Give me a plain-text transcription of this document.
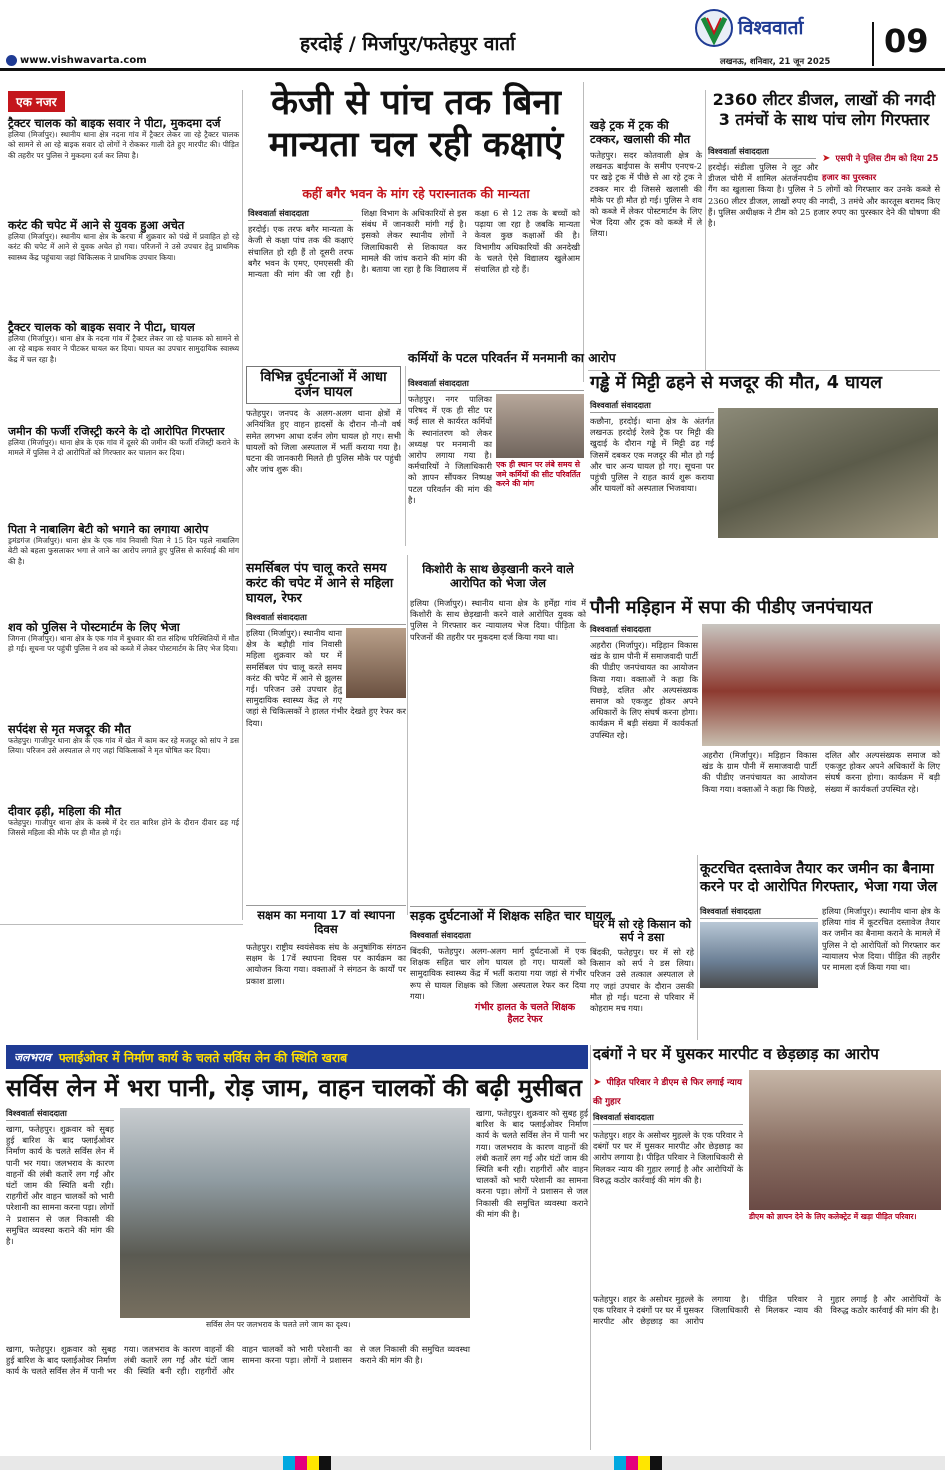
हरदोई / मिर्जापुर/फतेहपुर वार्ता
www.vishwavarta.com
विश्ववार्ता
लखनऊ, शनिवार, 21 जून 2025
09
एक नजर
ट्रैक्टर चालक को बाइक सवार ने पीटा, मुकदमा दर्ज
हलिया (मिर्जापुर)। स्थानीय थाना क्षेत्र नदना गांव में ट्रैक्टर लेकर जा रहे ट्रैक्टर चालक को सामने से आ रहे बाइक सवार दो लोगों ने रोककर गाली देते हुए मारपीट की। पीड़ित की तहरीर पर पुलिस ने मुकदमा दर्ज कर लिया है।
करंट की चपेट में आने से युवक हुआ अचेत
हलिया (मिर्जापुर)। स्थानीय थाना क्षेत्र के करचा में शुक्रवार को पंखे में प्रवाहित हो रहे करंट की चपेट में आने से युवक अचेत हो गया। परिजनों ने उसे उपचार हेतु प्राथमिक स्वास्थ्य केंद्र पहुंचाया जहां चिकित्सक ने प्राथमिक उपचार किया।
ट्रैक्टर चालक को बाइक सवार ने पीटा, घायल
हलिया (मिर्जापुर)। थाना क्षेत्र के नदना गांव में ट्रैक्टर लेकर जा रहे चालक को सामने से आ रहे बाइक सवार ने पीटकर घायल कर दिया। घायल का उपचार सामुदायिक स्वास्थ्य केंद्र में चल रहा है।
जमीन की फर्जी रजिस्ट्री करने के दो आरोपित गिरफ्तार
हलिया (मिर्जापुर)। थाना क्षेत्र के एक गांव में दूसरे की जमीन की फर्जी रजिस्ट्री कराने के मामले में पुलिस ने दो आरोपितों को गिरफ्तार कर चालान कर दिया।
पिता ने नाबालिग बेटी को भगाने का लगाया आरोप
ड्रमंडगंज (मिर्जापुर)। थाना क्षेत्र के एक गांव निवासी पिता ने 15 दिन पहले नाबालिग बेटी को बहला फुसलाकर भगा ले जाने का आरोप लगाते हुए पुलिस से कार्रवाई की मांग की है।
शव को पुलिस ने पोस्टमार्टम के लिए भेजा
जिगना (मिर्जापुर)। थाना क्षेत्र के एक गांव में बुधवार की रात संदिग्ध परिस्थितियों में मौत हो गई। सूचना पर पहुंची पुलिस ने शव को कब्जे में लेकर पोस्टमार्टम के लिए भेज दिया।
सर्पदंश से मृत मजदूर की मौत
फतेहपुर। गाजीपुर थाना क्षेत्र के एक गांव में खेत में काम कर रहे मजदूर को सांप ने डस लिया। परिजन उसे अस्पताल ले गए जहां चिकित्सकों ने मृत घोषित कर दिया।
दीवार ढ़ही, महिला की मौत
फतेहपुर। गाजीपुर थाना क्षेत्र के कस्बे में देर रात बारिश होने के दौरान दीवार ढह गई जिससे महिला की मौके पर ही मौत हो गई।
केजी से पांच तक बिना
मान्यता चल रही कक्षाएं
कहीं बगैर भवन के मांग रहे परास्नातक की मान्यता
विश्ववार्ता संवाददाता

हरदोई। एक तरफ बगैर मान्यता के केजी से कक्षा पांच तक की कक्षाएं संचालित हो रही हैं तो दूसरी तरफ बगैर भवन के एमए, एमएससी की मान्यता की मांग की जा रही है। शिक्षा विभाग के अधिकारियों से इस संबंध में जानकारी मांगी गई है। इसको लेकर स्थानीय लोगों ने जिलाधिकारी से शिकायत कर मामले की जांच कराने की मांग की है। बताया जा रहा है कि विद्यालय में कक्षा 6 से 12 तक के बच्चों को पढ़ाया जा रहा है जबकि मान्यता केवल कुछ कक्षाओं की है। विभागीय अधिकारियों की अनदेखी के चलते ऐसे विद्यालय खुलेआम संचालित हो रहे हैं।

विभिन्न दुर्घटनाओं में आधा दर्जन घायल
फतेहपुर। जनपद के अलग-अलग थाना क्षेत्रों में अनियंत्रित हुए वाहन हादसों के दौरान नौ-नौ वर्ष समेत लगभग आधा दर्जन लोग घायल हो गए। सभी घायलों को जिला अस्पताल में भर्ती कराया गया है। घटना की जानकारी मिलते ही पुलिस मौके पर पहुंची और जांच शुरू की।
कर्मियों के पटल परिवर्तन में मनमानी का आरोप
विश्ववार्ता संवाददाता
एक ही स्थान पर लंबे समय से जमे कर्मियों की सीट परिवर्तित करने की मांग
फतेहपुर। नगर पालिका परिषद में एक ही सीट पर कई साल से कार्यरत कर्मियों के स्थानांतरण को लेकर अध्यक्ष पर मनमानी का आरोप लगाया गया है। कर्मचारियों ने जिलाधिकारी को ज्ञापन सौंपकर निष्पक्ष पटल परिवर्तन की मांग की है।
खड़े ट्रक में ट्रक की टक्कर, खलासी की मौत
फतेहपुर। सदर कोतवाली क्षेत्र के लखनऊ बाईपास के समीप एनएच-2 पर खड़े ट्रक में पीछे से आ रहे ट्रक ने टक्कर मार दी जिससे खलासी की मौके पर ही मौत हो गई। पुलिस ने शव को कब्जे में लेकर पोस्टमार्टम के लिए भेज दिया और ट्रक को कब्जे में ले लिया।
2360 लीटर डीजल, लाखों की नगदी
3 तमंचों के साथ पांच लोग गिरफ्तार
➤ एसपी ने पुलिस टीम को दिया 25 हजार का पुरस्कार
विश्ववार्ता संवाददाता
हरदोई। संडीला पुलिस ने लूट और डीजल चोरी में शामिल अंतर्जनपदीय गैंग का खुलासा किया है। पुलिस ने 5 लोगों को गिरफ्तार कर उनके कब्जे से 2360 लीटर डीजल, लाखों रुपए की नगदी, 3 तमंचे और कारतूस बरामद किए हैं। पुलिस अधीक्षक ने टीम को 25 हजार रुपए का पुरस्कार देने की घोषणा की है।
गड्ढे में मिट्टी ढहने से मजदूर की मौत, 4 घायल
विश्ववार्ता संवाददाता
कछौना, हरदोई। थाना क्षेत्र के अंतर्गत लखनऊ हरदोई रेलवे ट्रैक पर मिट्टी की खुदाई के दौरान गड्ढे में मिट्टी ढह गई जिसमें दबकर एक मजदूर की मौत हो गई और चार अन्य घायल हो गए। सूचना पर पहुंची पुलिस ने राहत कार्य शुरू कराया और घायलों को अस्पताल भिजवाया।
समर्सिबल पंप चालू करते समय करंट की चपेट में आने से महिला घायल, रेफर
विश्ववार्ता संवाददाता
हलिया (मिर्जापुर)। स्थानीय थाना क्षेत्र के बड़ौही गांव निवासी महिला शुक्रवार को घर में समर्सिबल पंप चालू करते समय करंट की चपेट में आने से झुलस गई। परिजन उसे उपचार हेतु सामुदायिक स्वास्थ्य केंद्र ले गए जहां से चिकित्सकों ने हालत गंभीर देखते हुए रेफर कर दिया।
किशोरी के साथ छेड़खानी करने वाले आरोपित को भेजा जेल
हलिया (मिर्जापुर)। स्थानीय थाना क्षेत्र के हर्मेहा गांव में किशोरी के साथ छेड़खानी करने वाले आरोपित युवक को पुलिस ने गिरफ्तार कर न्यायालय भेज दिया। पीड़िता के परिजनों की तहरीर पर मुकदमा दर्ज किया गया था।
पौनी मड़िहान में सपा की पीडीए जनपंचायत
विश्ववार्ता संवाददाता
अहरौरा (मिर्जापुर)। मड़िहान विकास खंड के ग्राम पौनी में समाजवादी पार्टी की पीडीए जनपंचायत का आयोजन किया गया। वक्ताओं ने कहा कि पिछड़े, दलित और अल्पसंख्यक समाज को एकजुट होकर अपने अधिकारों के लिए संघर्ष करना होगा। कार्यक्रम में बड़ी संख्या में कार्यकर्ता उपस्थित रहे।
अहरौरा (मिर्जापुर)। मड़िहान विकास खंड के ग्राम पौनी में समाजवादी पार्टी की पीडीए जनपंचायत का आयोजन किया गया। वक्ताओं ने कहा कि पिछड़े, दलित और अल्पसंख्यक समाज को एकजुट होकर अपने अधिकारों के लिए संघर्ष करना होगा। कार्यक्रम में बड़ी संख्या में कार्यकर्ता उपस्थित रहे।
सक्षम का मनाया 17 वां स्थापना दिवस
फतेहपुर। राष्ट्रीय स्वयंसेवक संघ के अनुषांगिक संगठन सक्षम के 17वें स्थापना दिवस पर कार्यक्रम का आयोजन किया गया। वक्ताओं ने संगठन के कार्यों पर प्रकाश डाला।
सड़क दुर्घटनाओं में शिक्षक सहित चार घायल
विश्ववार्ता संवाददाता
बिंदकी, फतेहपुर। अलग-अलग मार्ग दुर्घटनाओं में एक शिक्षक सहित चार लोग घायल हो गए। घायलों को सामुदायिक स्वास्थ्य केंद्र में भर्ती कराया गया जहां से गंभीर रूप से घायल शिक्षक को जिला अस्पताल रेफर कर दिया गया।
गंभीर हालत के चलते शिक्षक हैलट रेफर
घर में सो रहे किसान को सर्प ने डसा
बिंदकी, फतेहपुर। घर में सो रहे किसान को सर्प ने डस लिया। परिजन उसे तत्काल अस्पताल ले गए जहां उपचार के दौरान उसकी मौत हो गई। घटना से परिवार में कोहराम मच गया।
कूटरचित दस्तावेज तैयार कर जमीन का बैनामा
करने पर दो आरोपित गिरफ्तार, भेजा गया जेल
विश्ववार्ता संवाददाता	हलिया (मिर्जापुर)। स्थानीय थाना क्षेत्र के हलिया गांव में कूटरचित दस्तावेज तैयार कर जमीन का बैनामा कराने के मामले में पुलिस ने दो आरोपितों को गिरफ्तार कर न्यायालय भेज दिया। पीड़ित की तहरीर पर मामला दर्ज किया गया था।
जलभराव फ्लाईओवर में निर्माण कार्य के चलते सर्विस लेन की स्थिति खराब
सर्विस लेन में भरा पानी, रोड़ जाम, वाहन चालकों की बढ़ी मुसीबत
विश्ववार्ता संवाददाता
खागा, फतेहपुर। शुक्रवार को सुबह हुई बारिश के बाद फ्लाईओवर निर्माण कार्य के चलते सर्विस लेन में पानी भर गया। जलभराव के कारण वाहनों की लंबी कतारें लग गईं और घंटों जाम की स्थिति बनी रही। राहगीरों और वाहन चालकों को भारी परेशानी का सामना करना पड़ा। लोगों ने प्रशासन से जल निकासी की समुचित व्यवस्था कराने की मांग की है।
सर्विस लेन पर जलभराव के चलते लगे जाम का दृश्य।
खागा, फतेहपुर। शुक्रवार को सुबह हुई बारिश के बाद फ्लाईओवर निर्माण कार्य के चलते सर्विस लेन में पानी भर गया। जलभराव के कारण वाहनों की लंबी कतारें लग गईं और घंटों जाम की स्थिति बनी रही। राहगीरों और वाहन चालकों को भारी परेशानी का सामना करना पड़ा। लोगों ने प्रशासन से जल निकासी की समुचित व्यवस्था कराने की मांग की है।
खागा, फतेहपुर। शुक्रवार को सुबह हुई बारिश के बाद फ्लाईओवर निर्माण कार्य के चलते सर्विस लेन में पानी भर गया। जलभराव के कारण वाहनों की लंबी कतारें लग गईं और घंटों जाम की स्थिति बनी रही। राहगीरों और वाहन चालकों को भारी परेशानी का सामना करना पड़ा। लोगों ने प्रशासन से जल निकासी की समुचित व्यवस्था कराने की मांग की है।
दबंगों ने घर में घुसकर मारपीट व छेड़छाड़ का आरोप
➤ पीड़ित परिवार ने डीएम से फिर लगाई न्याय की गुहार
विश्ववार्ता संवाददाता
फतेहपुर। शहर के असोथर मुहल्ले के एक परिवार ने दबंगों पर घर में घुसकर मारपीट और छेड़छाड़ का आरोप लगाया है। पीड़ित परिवार ने जिलाधिकारी से मिलकर न्याय की गुहार लगाई है और आरोपियों के विरुद्ध कठोर कार्रवाई की मांग की है।
डीएम को ज्ञापन देने के लिए कलेक्ट्रेट में खड़ा पीड़ित परिवार।
फतेहपुर। शहर के असोथर मुहल्ले के एक परिवार ने दबंगों पर घर में घुसकर मारपीट और छेड़छाड़ का आरोप लगाया है। पीड़ित परिवार ने जिलाधिकारी से मिलकर न्याय की गुहार लगाई है और आरोपियों के विरुद्ध कठोर कार्रवाई की मांग की है।
